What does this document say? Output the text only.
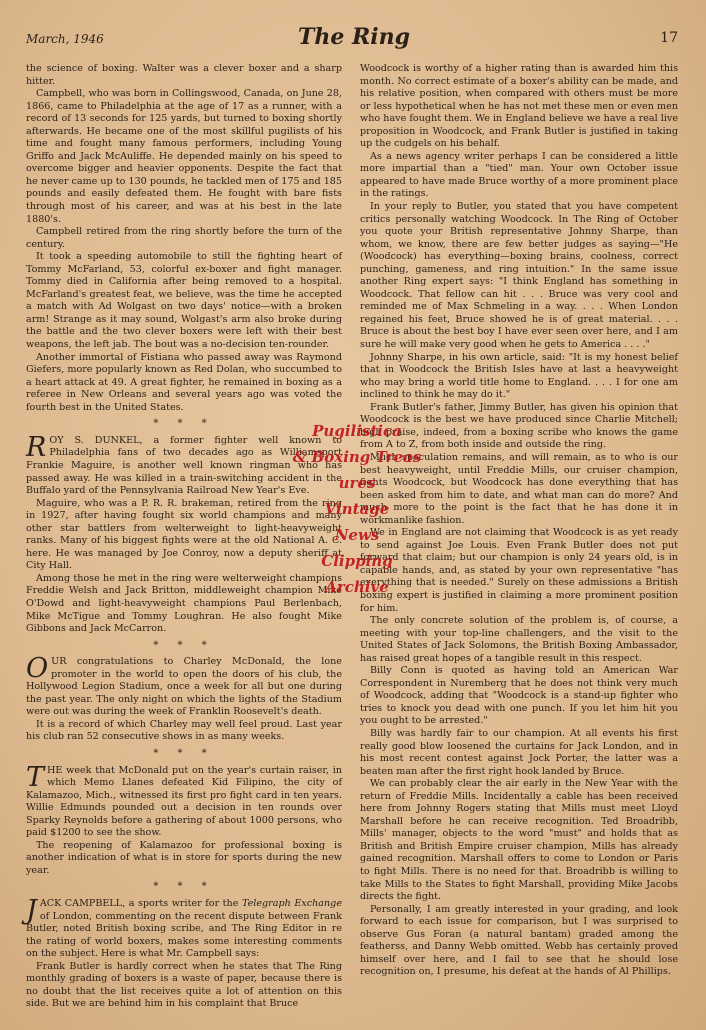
March, 1946	The Ring	17

the science of boxing. Walter was a clever boxer and a sharp hitter.

Campbell, who was born in Collingswood, Canada, on June 28, 1866, came to Philadelphia at the age of 17 as a runner, with a record of 13 seconds for 125 yards, but turned to boxing shortly afterwards. He became one of the most skillful pugilists of his time and fought many famous performers, including Young Griffo and Jack McAuliffe. He depended mainly on his speed to overcome bigger and heavier opponents. Despite the fact that he never came up to 130 pounds, he tackled men of 175 and 185 pounds and easily defeated them. He fought with bare fists through most of his career, and was at his best in the late 1880's.

Campbell retired from the ring shortly before the turn of the century.

It took a speeding automobile to still the fighting heart of Tommy McFarland, 53, colorful ex-boxer and fight manager. Tommy died in California after being removed to a hospital. McFarland's greatest feat, we believe, was the time he accepted a match with Ad Wolgast on two days' notice—with a broken arm! Strange as it may sound, Wolgast's arm also broke during the battle and the two clever boxers were left with their best weapons, the left jab. The bout was a no-decision ten-rounder.

Another immortal of Fistiana who passed away was Raymond Giefers, more popularly known as Red Dolan, who succumbed to a heart attack at 49. A great fighter, he remained in boxing as a referee in New Orleans and several years ago was voted the fourth best in the United States.

* * *

ROY S. DUNKEL, a former fighter well known to Philadelphia fans of two decades ago as Williamsport Frankie Maguire, is another well known ringman who has passed away. He was killed in a train-switching accident in the Buffalo yard of the Pennsylvania Railroad New Year's Eve.

Maguire, who was a P. R. R. brakeman, retired from the ring in 1927, after having fought six world champions and many other star battlers from welterweight to light-heavyweight ranks. Many of his biggest fights were at the old National A. C. here. He was managed by Joe Conroy, now a deputy sheriff at City Hall.

Among those he met in the ring were welterweight champions Freddie Welsh and Jack Britton, middleweight champion Mike O'Dowd and light-heavyweight champions Paul Berlenbach, Mike McTigue and Tommy Loughran. He also fought Mike Gibbons and Jack McCarron.

* * *

OUR congratulations to Charley McDonald, the lone promoter in the world to open the doors of his club, the Hollywood Legion Stadium, once a week for all but one during the past year. The only night on which the lights of the Stadium were out was during the week of Franklin Roosevelt's death.

It is a record of which Charley may well feel proud. Last year his club ran 52 consecutive shows in as many weeks.

* * *

THE week that McDonald put on the year's curtain raiser, in which Memo Llanes defeated Kid Filipino, the city of Kalamazoo, Mich., witnessed its first pro fight card in ten years. Willie Edmunds pounded out a decision in ten rounds over Sparky Reynolds before a gathering of about 1000 persons, who paid $1200 to see the show.

The reopening of Kalamazoo for professional boxing is another indication of what is in store for sports during the new year.

* * *

JACK CAMPBELL, a sports writer for the Telegraph Exchange of London, commenting on the recent dispute between Frank Butler, noted British boxing scribe, and The Ring Editor in re the rating of world boxers, makes some interesting comments on the subject. Here is what Mr. Campbell says:

Frank Butler is hardly correct when he states that The Ring monthly grading of boxers is a waste of paper, because there is no doubt that the list receives quite a lot of attention on this side. But we are behind him in his complaint that Bruce

Woodcock is worthy of a higher rating than is awarded him this month. No correct estimate of a boxer's ability can be made, and his relative position, when compared with others must be more or less hypothetical when he has not met these men or even men who have fought them. We in England believe we have a real live proposition in Woodcock, and Frank Butler is justified in taking up the cudgels on his behalf.

As a news agency writer perhaps I can be considered a little more impartial than a "tied" man. Your own October issue appeared to have made Bruce worthy of a more prominent place in the ratings.

In your reply to Butler, you stated that you have competent critics personally watching Woodcock. In The Ring of October you quote your British representative Johnny Sharpe, than whom, we know, there are few better judges as saying—"He (Woodcock) has everything—boxing brains, coolness, correct punching, gameness, and ring intuition." In the same issue another Ring expert says: "I think England has something in Woodcock. That fellow can hit . . . Bruce was very cool and reminded me of Max Schmeling in a way. . . . When London regained his feet, Bruce showed he is of great material. . . . Bruce is about the best boy I have ever seen over here, and I am sure he will make very good when he gets to America . . . ."

Johnny Sharpe, in his own article, said: "It is my honest belief that in Woodcock the British Isles have at last a heavyweight who may bring a world title home to England. . . . I for one am inclined to think he may do it."

Frank Butler's father, Jimmy Butler, has given his opinion that Woodcock is the best we have produced since Charlie Mitchell; high praise, indeed, from a boxing scribe who knows the game from A to Z, from both inside and outside the ring.

Much speculation remains, and will remain, as to who is our best heavyweight, until Freddie Mills, our cruiser champion, fights Woodcock, but Woodcock has done everything that has been asked from him to date, and what man can do more? And much more to the point is the fact that he has done it in workmanlike fashion.

We in England are not claiming that Woodcock is as yet ready to send against Joe Louis. Even Frank Butler does not put forward that claim; but our champion is only 24 years old, is in capable hands, and, as stated by your own representative "has everything that is needed." Surely on these admissions a British boxing expert is justified in claiming a more prominent position for him.

The only concrete solution of the problem is, of course, a meeting with your top-line challengers, and the visit to the United States of Jack Solomons, the British Boxing Ambassador, has raised great hopes of a tangible result in this respect.

Billy Conn is quoted as having told an American War Correspondent in Nuremberg that he does not think very much of Woodcock, adding that "Woodcock is a stand-up fighter who tries to knock you dead with one punch. If you let him hit you you ought to be arrested."

Billy was hardly fair to our champion. At all events his first really good blow loosened the curtains for Jack London, and in his most recent contest against Jock Porter, the latter was a beaten man after the first right hook landed by Bruce.

We can probably clear the air early in the New Year with the return of Freddie Mills. Incidentally a cable has been received here from Johnny Rogers stating that Mills must meet Lloyd Marshall before he can receive recognition. Ted Broadribb, Mills' manager, objects to the word "must" and holds that as British and British Empire cruiser champion, Mills has already gained recognition. Marshall offers to come to London or Paris to fight Mills. There is no need for that. Broadribb is willing to take Mills to the States to fight Marshall, providing Mike Jacobs directs the fight.

Personally, I am greatly interested in your grading, and look forward to each issue for comparison, but I was surprised to observe Gus Foran (a natural bantam) graded among the featherss, and Danny Webb omitted. Webb has certainly proved himself over here, and I fail to see that he should lose recognition on, I presume, his defeat at the hands of Al Phillips.

Pugilistica
& Boxing Treas
ures
Vintage
News
Clipping
Archive
